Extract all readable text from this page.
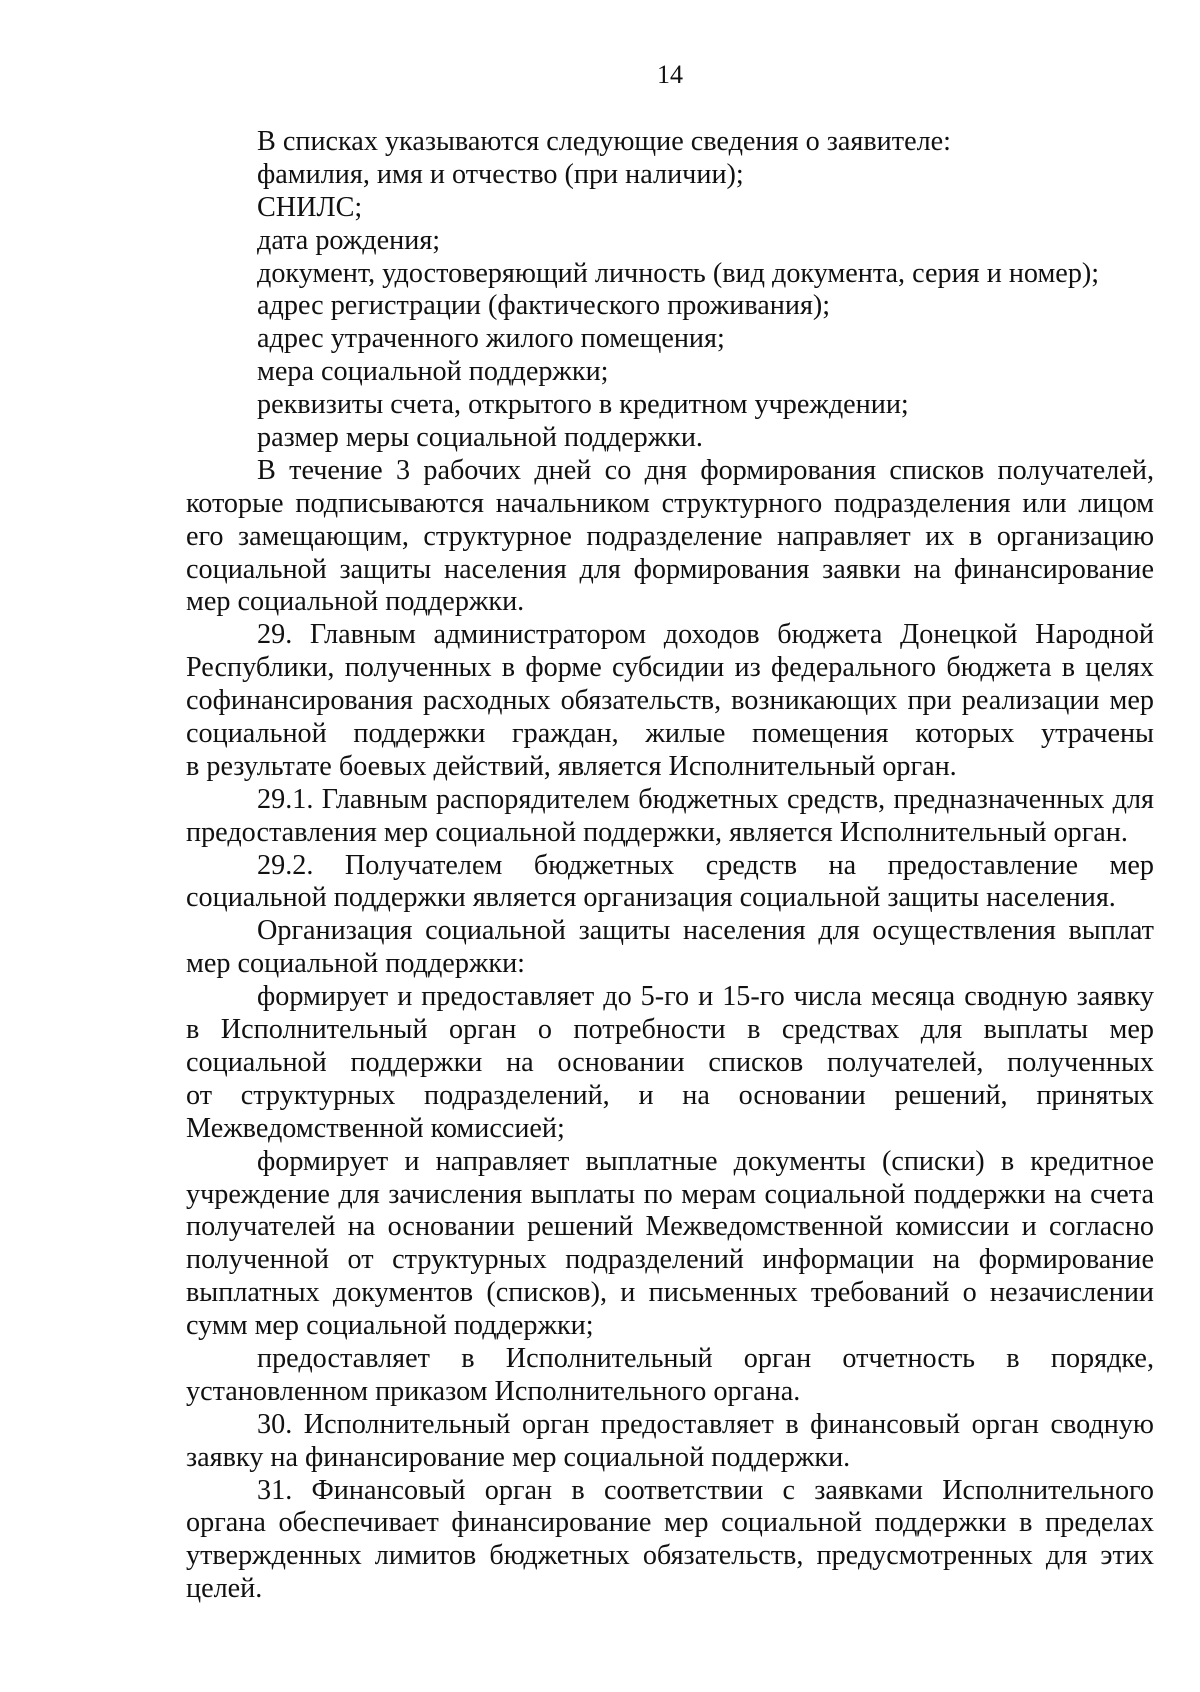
14
В списках указываются следующие сведения о заявителе:
фамилия, имя и отчество (при наличии);
СНИЛС;
дата рождения;
документ, удостоверяющий личность (вид документа, серия и номер);
адрес регистрации (фактического проживания);
адрес утраченного жилого помещения;
мера социальной поддержки;
реквизиты счета, открытого в кредитном учреждении;
размер меры социальной поддержки.
В течение 3 рабочих дней со дня формирования списков получателей,
которые подписываются начальником структурного подразделения или лицом
его замещающим, структурное подразделение направляет их в организацию
социальной защиты населения для формирования заявки на финансирование
мер социальной поддержки.
29. Главным администратором доходов бюджета Донецкой Народной
Республики, полученных в форме субсидии из федерального бюджета в целях
софинансирования расходных обязательств, возникающих при реализации мер
социальной поддержки граждан, жилые помещения которых утрачены
в результате боевых действий, является Исполнительный орган.
29.1. Главным распорядителем бюджетных средств, предназначенных для
предоставления мер социальной поддержки, является Исполнительный орган.
29.2. Получателем бюджетных средств на предоставление мер
социальной поддержки является организация социальной защиты населения.
Организация социальной защиты населения для осуществления выплат
мер социальной поддержки:
формирует и предоставляет до 5-го и 15-го числа месяца сводную заявку
в Исполнительный орган о потребности в средствах для выплаты мер
социальной поддержки на основании списков получателей, полученных
от структурных подразделений, и на основании решений, принятых
Межведомственной комиссией;
формирует и направляет выплатные документы (списки) в кредитное
учреждение для зачисления выплаты по мерам социальной поддержки на счета
получателей на основании решений Межведомственной комиссии и согласно
полученной от структурных подразделений информации на формирование
выплатных документов (списков), и письменных требований о незачислении
сумм мер социальной поддержки;
предоставляет в Исполнительный орган отчетность в порядке,
установленном приказом Исполнительного органа.
30. Исполнительный орган предоставляет в финансовый орган сводную
заявку на финансирование мер социальной поддержки.
31. Финансовый орган в соответствии с заявками Исполнительного
органа обеспечивает финансирование мер социальной поддержки в пределах
утвержденных лимитов бюджетных обязательств, предусмотренных для этих
целей.
